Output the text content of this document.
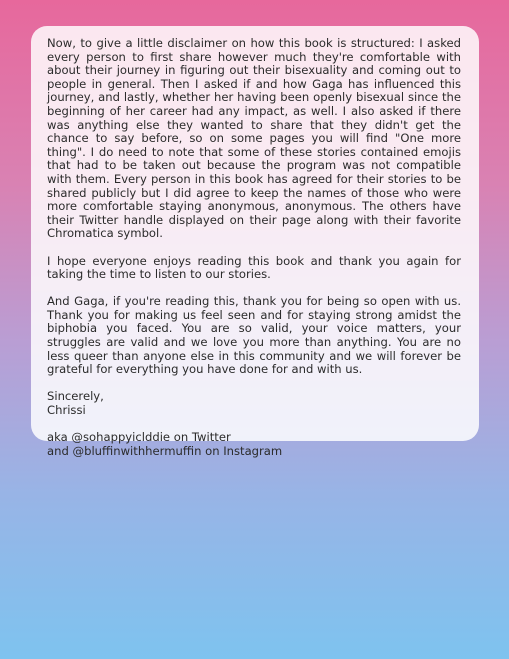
Now, to give a little disclaimer on how this book is structured: I asked every person to first share however much they're comfortable with about their journey in figuring out their bisexuality and coming out to people in general. Then I asked if and how Gaga has influenced this journey, and lastly, whether her having been openly bisexual since the beginning of her career had any impact, as well. I also asked if there was anything else they wanted to share that they didn't get the chance to say before, so on some pages you will find "One more thing". I do need to note that some of these stories contained emojis that had to be taken out because the program was not compatible with them. Every person in this book has agreed for their stories to be shared publicly but I did agree to keep the names of those who were more comfortable staying anonymous, anonymous. The others have their Twitter handle displayed on their page along with their favorite Chromatica symbol.

I hope everyone enjoys reading this book and thank you again for taking the time to listen to our stories.

And Gaga, if you're reading this, thank you for being so open with us. Thank you for making us feel seen and for staying strong amidst the biphobia you faced. You are so valid, your voice matters, your struggles are valid and we love you more than anything. You are no less queer than anyone else in this community and we will forever be grateful for everything you have done for and with us.

Sincerely,
Chrissi

aka @sohappyiclddie on Twitter
and @bluffinwithhermuffin on Instagram
